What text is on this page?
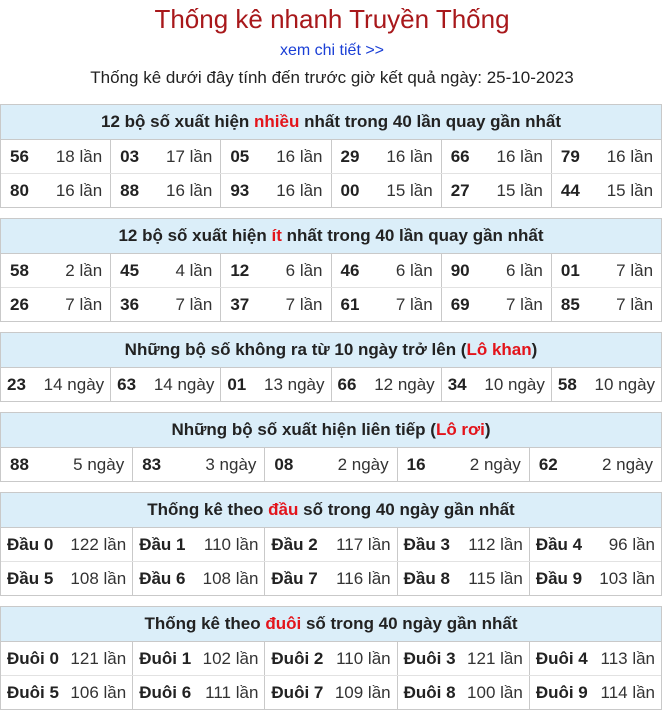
Thống kê nhanh Truyền Thống
xem chi tiết >>
Thống kê dưới đây tính đến trước giờ kết quả ngày: 25-10-2023
12 bộ số xuất hiện nhiều nhất trong 40 lần quay gần nhất
56 18 lần 03 17 lần 05 16 lần 29 16 lần 66 16 lần 79 16 lần
80 16 lần 88 16 lần 93 16 lần 00 15 lần 27 15 lần 44 15 lần
12 bộ số xuất hiện ít nhất trong 40 lần quay gần nhất
58 2 lần 45 4 lần 12 6 lần 46 6 lần 90 6 lần 01 7 lần
26 7 lần 36 7 lần 37 7 lần 61 7 lần 69 7 lần 85 7 lần
Những bộ số không ra từ 10 ngày trở lên (Lô khan)
23 14 ngày 63 14 ngày 01 13 ngày 66 12 ngày 34 10 ngày 58 10 ngày
Những bộ số xuất hiện liên tiếp (Lô rơi)
88	5 ngày 83	3 ngày 08	2 ngày 16	2 ngày 62	2 ngày
Thống kê theo đầu số trong 40 ngày gần nhất
Đầu 0 122 lần Đầu 1 110 lần Đầu 2 117 lần Đầu 3 112 lần Đầu 4 96 lần
Đầu 5 108 lần Đầu 6 108 lần Đầu 7 116 lần Đầu 8 115 lần Đầu 9 103 lần
Thống kê theo đuôi số trong 40 ngày gần nhất
Đuôi 0 121 lần Đuôi 1 102 lần Đuôi 2 110 lần Đuôi 3 121 lần Đuôi 4 113 lần
Đuôi 5 106 lần Đuôi 6 111 lần Đuôi 7 109 lần Đuôi 8 100 lần Đuôi 9 114 lần
